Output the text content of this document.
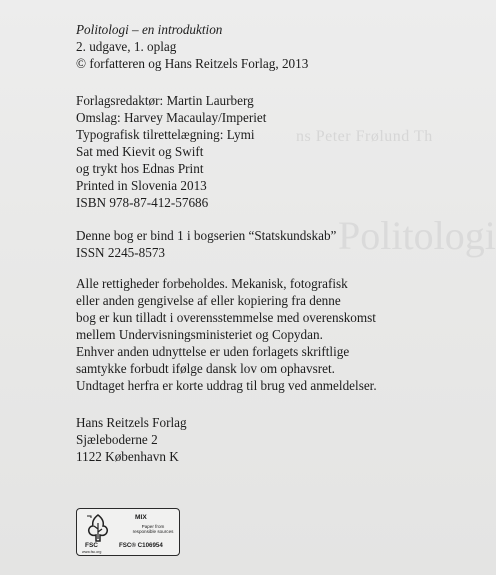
ns Peter Frølund Th
Politologi
Politologi – en introduktion
2. udgave, 1. oplag
© forfatteren og Hans Reitzels Forlag, 2013
Forlagsredaktør: Martin Laurberg
Omslag: Harvey Macaulay/Imperiet
Typografisk tilrettelægning: Lymi
Sat med Kievit og Swift
og trykt hos Ednas Print
Printed in Slovenia 2013
ISBN 978-87-412-57686
Denne bog er bind 1 i bogserien “Statskundskab”
ISSN 2245-8573
Alle rettigheder forbeholdes. Mekanisk, fotografisk
eller anden gengivelse af eller kopiering fra denne
bog er kun tilladt i overensstemmelse med overenskomst
mellem Undervisningsministeriet og Copydan.
Enhver anden udnyttelse er uden forlagets skriftlige
samtykke forbudt ifølge dansk lov om ophavsret.
Undtaget herfra er korte uddrag til brug ved anmeldelser.
Hans Reitzels Forlag
Sjæleboderne 2
1122 København K
FSC
www.fsc.org
MIX
Paper from
responsible sources
FSC® C106954
